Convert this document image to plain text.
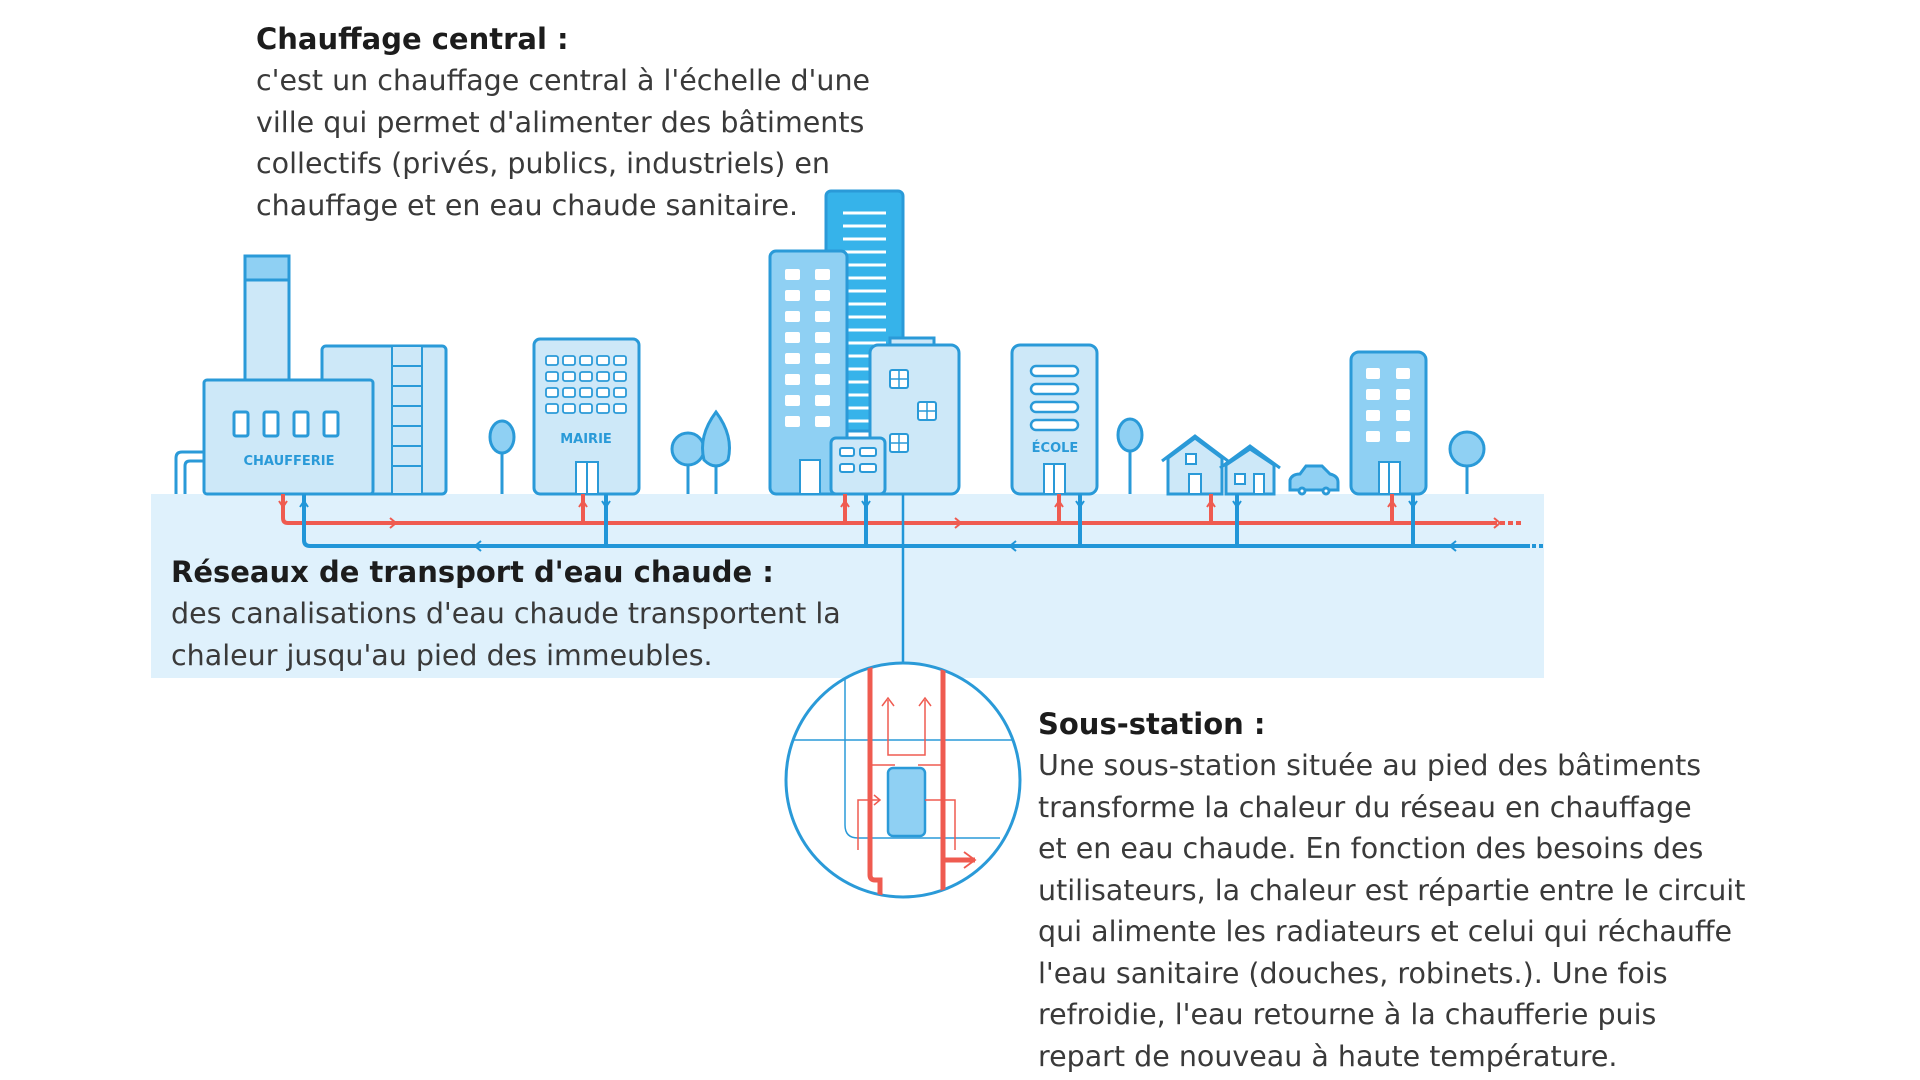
CHAUFFERIE
MAIRIE
ÉCOLE
Chauffage central :
c'est un chauffage central à l'échelle d'une
ville qui permet d'alimenter des bâtiments
collectifs (privés, publics, industriels) en
chauffage et en eau chaude sanitaire.
Réseaux de transport d'eau chaude :
des canalisations d'eau chaude transportent la
chaleur jusqu'au pied des immeubles.
Sous-station :
Une sous-station située au pied des bâtiments
transforme la chaleur du réseau en chauffage
et en eau chaude. En fonction des besoins des
utilisateurs, la chaleur est répartie entre le circuit
qui alimente les radiateurs et celui qui réchauffe
l'eau sanitaire (douches, robinets.). Une fois
refroidie, l'eau retourne à la chaufferie puis
repart de nouveau à haute température.
